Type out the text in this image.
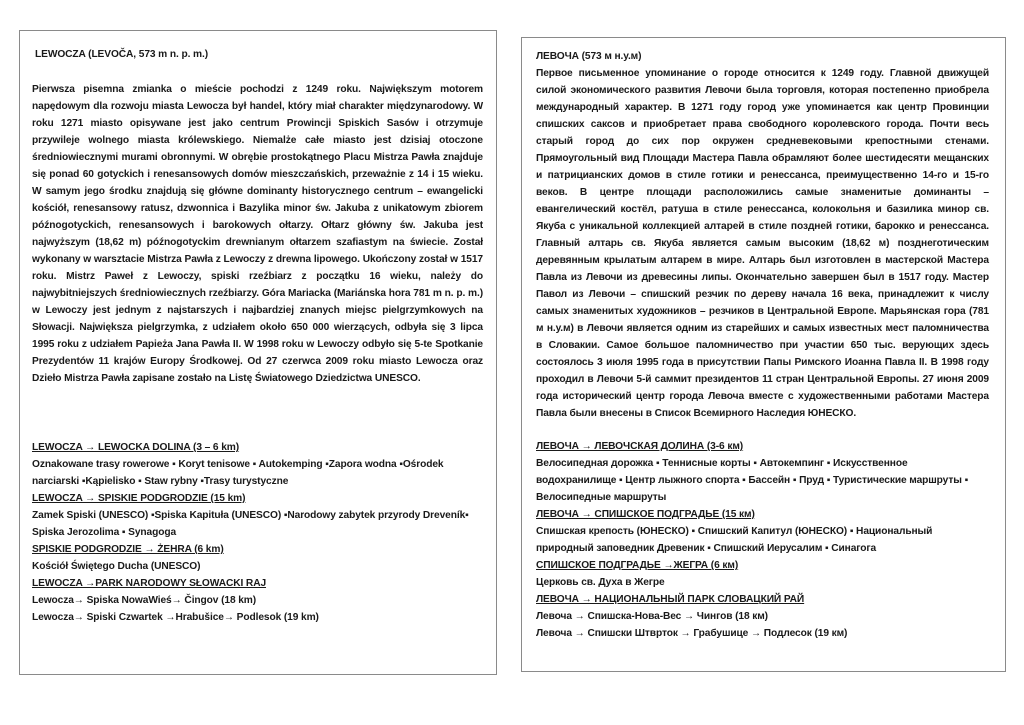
LEWOCZA (LEVOČA, 573 m n. p. m.)

Pierwsza pisemna zmianka o mieście pochodzi z 1249 roku. Największym motorem napędowym dla rozwoju miasta Lewocza był handel, który miał charakter międzynarodowy. W roku 1271 miasto opisywane jest jako centrum Prowincji Spiskich Sasów i otrzymuje przywileje wolnego miasta królewskiego. Niemalże całe miasto jest dzisiaj otoczone średniowiecznymi murami obronnymi. W obrębie prostokątnego Placu Mistrza Pawła znajduje się ponad 60 gotyckich i renesansowych domów mieszczańskich, przeważnie z 14 i 15 wieku. W samym jego środku znajdują się główne dominanty historycznego centrum – ewangelicki kościół, renesansowy ratusz, dzwonnica i Bazylika minor św. Jakuba z unikatowym zbiorem późnogotyckich, renesansowych i barokowych ołtarzy. Ołtarz główny św. Jakuba jest najwyższym (18,62 m) późnogotyckim drewnianym ołtarzem szafiastym na świecie. Został wykonany w warsztacie Mistrza Pawła z Lewoczy z drewna lipowego. Ukończony został w 1517 roku. Mistrz Paweł z Lewoczy, spiski rzeźbiarz z początku 16 wieku, należy do najwybitniejszych średniowiecznych rzeźbiarzy. Góra Mariacka (Mariánska hora 781 m n. p. m.) w Lewoczy jest jednym z najstarszych i najbardziej znanych miejsc pielgrzymkowych na Słowacji. Największa pielgrzymka, z udziałem około 650 000 wierzących, odbyła się 3 lipca 1995 roku z udziałem Papieża Jana Pawła II. W 1998 roku w Lewoczy odbyło się 5-te Spotkanie Prezydentów 11 krajów Europy Środkowej. Od 27 czerwca 2009 roku miasto Lewocza oraz Dzieło Mistrza Pawła zapisane zostało na Listę Światowego Dziedzictwa UNESCO.

LEWOCZA → LEWOCKA DOLINA (3 – 6 km)
Oznakowane trasy rowerowe ▪ Koryt tenisowe ▪ Autokemping ▪Zapora wodna ▪Ośrodek narciarski ▪Kąpielisko ▪ Staw rybny ▪Trasy turystyczne
LEWOCZA → SPISKIE PODGRODZIE (15 km)
Zamek Spiski (UNESCO) ▪Spiska Kapituła (UNESCO) ▪Narodowy zabytek przyrody Dreveník▪ Spiska Jerozolima ▪ Synagoga
SPISKIE PODGRODZIE → ŻEHRA (6 km)
Kościół Świętego Ducha (UNESCO)
LEWOCZA →PARK NARODOWY SŁOWACKI RAJ
Lewocza→ Spiska NowaWieś→ Čingov (18 km)
Lewocza→ Spiski Czwartek →Hrabušice→ Podlesok (19 km)

ЛЕВОЧА (573 м н.у.м)

Первое письменное упоминание о городе относится к 1249 году. Главной движущей силой экономического развития Левочи была торговля, которая постепенно приобрела международный характер. В 1271 году город уже упоминается как центр Провинции спишских саксов и приобретает права свободного королевского города. Почти весь старый город до сих пор окружен средневековыми крепостными стенами. Прямоугольный вид Площади Мастера Павла обрамляют более шестидесяти мещанских и патрицианских домов в стиле готики и ренессанса, преимущественно 14-го и 15-го веков. В центре площади расположились самые знаменитые доминанты – евангелический костёл, ратуша в стиле ренессанса, колокольня и базилика минор св. Якуба с уникальной коллекцией алтарей в стиле поздней готики, барокко и ренессанса. Главный алтарь св. Якуба является самым высоким (18,62 м) позднеготическим деревянным крылатым алтарем в мире. Алтарь был изготовлен в мастерской Мастера Павла из Левочи из древесины липы. Окончательно завершен был в 1517 году. Мастер Павол из Левочи – спишский резчик по дереву начала 16 века, принадлежит к числу самых знаменитых художников – резчиков в Центральной Европе. Марьянская гора (781 м н.у.м) в Левочи является одним из старейших и самых известных мест паломничества в Словакии. Самое большое паломничество при участии 650 тыс. верующих здесь состоялось 3 июля 1995 года в присутствии Папы Римского Иоанна Павла II. В 1998 году проходил в Левочи 5-й саммит президентов 11 стран Центральной Европы. 27 июня 2009 года исторический центр города Левоча вместе с художественными работами Мастера Павла были внесены в Список Всемирного Наследия ЮНЕСКО.

ЛЕВОЧА → ЛЕВОЧСКАЯ ДОЛИНА (3-6 км)
Велосипедная дорожка ▪ Теннисные корты ▪ Автокемпинг ▪ Искусственное водохранилище ▪ Центр лыжного спорта ▪ Бассейн ▪ Пруд ▪ Туристические маршруты ▪ Велосипедные маршруты
ЛЕВОЧА → СПИШСКОЕ ПОДГРАДЬЕ (15 км)
Спишская крепость (ЮНЕСКО) ▪ Спишский Капитул (ЮНЕСКО) ▪ Национальный природный заповедник Древеник ▪ Спишский Иерусалим ▪ Синагога
СПИШСКОЕ ПОДГРАДЬЕ →ЖЕГРА (6 км)
Церковь св. Духа в Жегре
ЛЕВОЧА → НАЦИОНАЛЬНЫЙ ПАРК СЛОВАЦКИЙ РАЙ
Левоча → Спишска-Нова-Вес → Чингов (18 км)
Левоча → Спишски Штврток → Грабушице → Подлесок (19 км)
